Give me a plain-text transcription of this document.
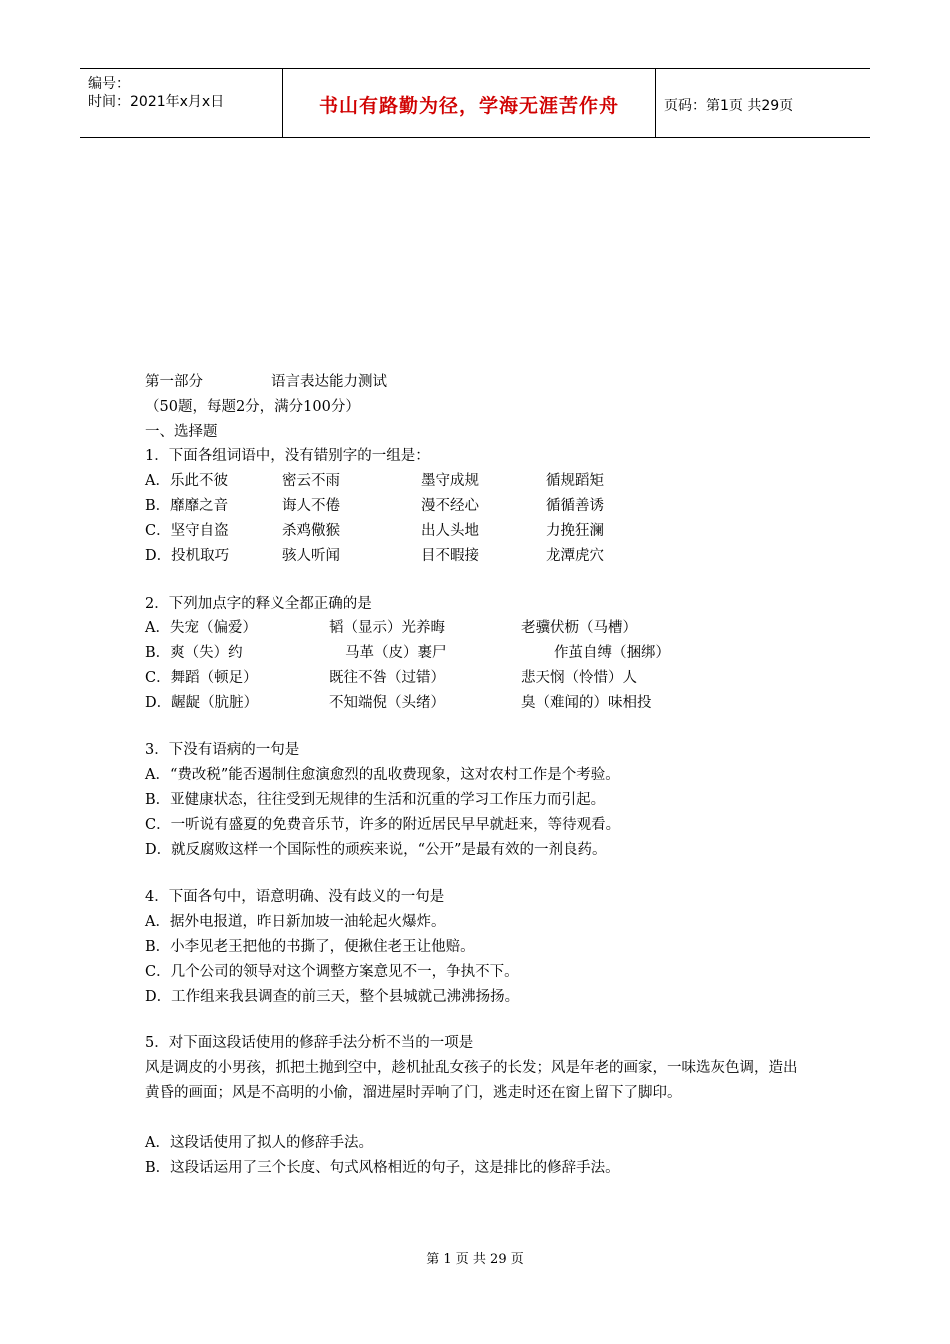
编号：
时间：2021年x月x日	书山有路勤为径，学海无涯苦作舟	页码：第1页 共29页
第一部分	语言表达能力测试
（50题，每题2分，满分100分）
一、选择题
1．下面各组词语中，没有错别字的一组是：
A．乐此不彼	密云不雨	墨守成规	循规蹈矩
B．靡靡之音	诲人不倦	漫不经心	循循善诱
C．坚守自盗	杀鸡儆猴	出人头地	力挽狂澜
D．投机取巧	骇人听闻	目不暇接	龙潭虎穴
2．下列加点字的释义全都正确的是
A．失宠（偏爱）	韬（显示）光养晦	老骥伏枥（马槽）
B．爽（失）约	马革（皮）裹尸	作茧自缚（捆绑）
C．舞蹈（顿足）	既往不咎（过错）	悲天悯（怜惜）人
D．龌龊（肮脏）	不知端倪（头绪）	臭（难闻的）味相投
3．下没有语病的一句是
A．“费改税”能否遏制住愈演愈烈的乱收费现象，这对农村工作是个考验。
B．亚健康状态，往往受到无规律的生活和沉重的学习工作压力而引起。
C．一听说有盛夏的免费音乐节，许多的附近居民早早就赶来，等待观看。
D．就反腐败这样一个国际性的顽疾来说，“公开”是最有效的一剂良药。
4．下面各句中，语意明确、没有歧义的一句是
A．据外电报道，昨日新加坡一油轮起火爆炸。
B．小李见老王把他的书撕了，便揪住老王让他赔。
C．几个公司的领导对这个调整方案意见不一，争执不下。
D．工作组来我县调查的前三天，整个县城就己沸沸扬扬。
5．对下面这段话使用的修辞手法分析不当的一项是
风是调皮的小男孩，抓把土抛到空中，趁机扯乱女孩子的长发；风是年老的画家，一味选灰色调，造出黄昏的画面；风是不高明的小偷，溜进屋时弄响了门，逃走时还在窗上留下了脚印。
A．这段话使用了拟人的修辞手法。
B．这段话运用了三个长度、句式风格相近的句子，这是排比的修辞手法。
第 1 页 共 29 页
